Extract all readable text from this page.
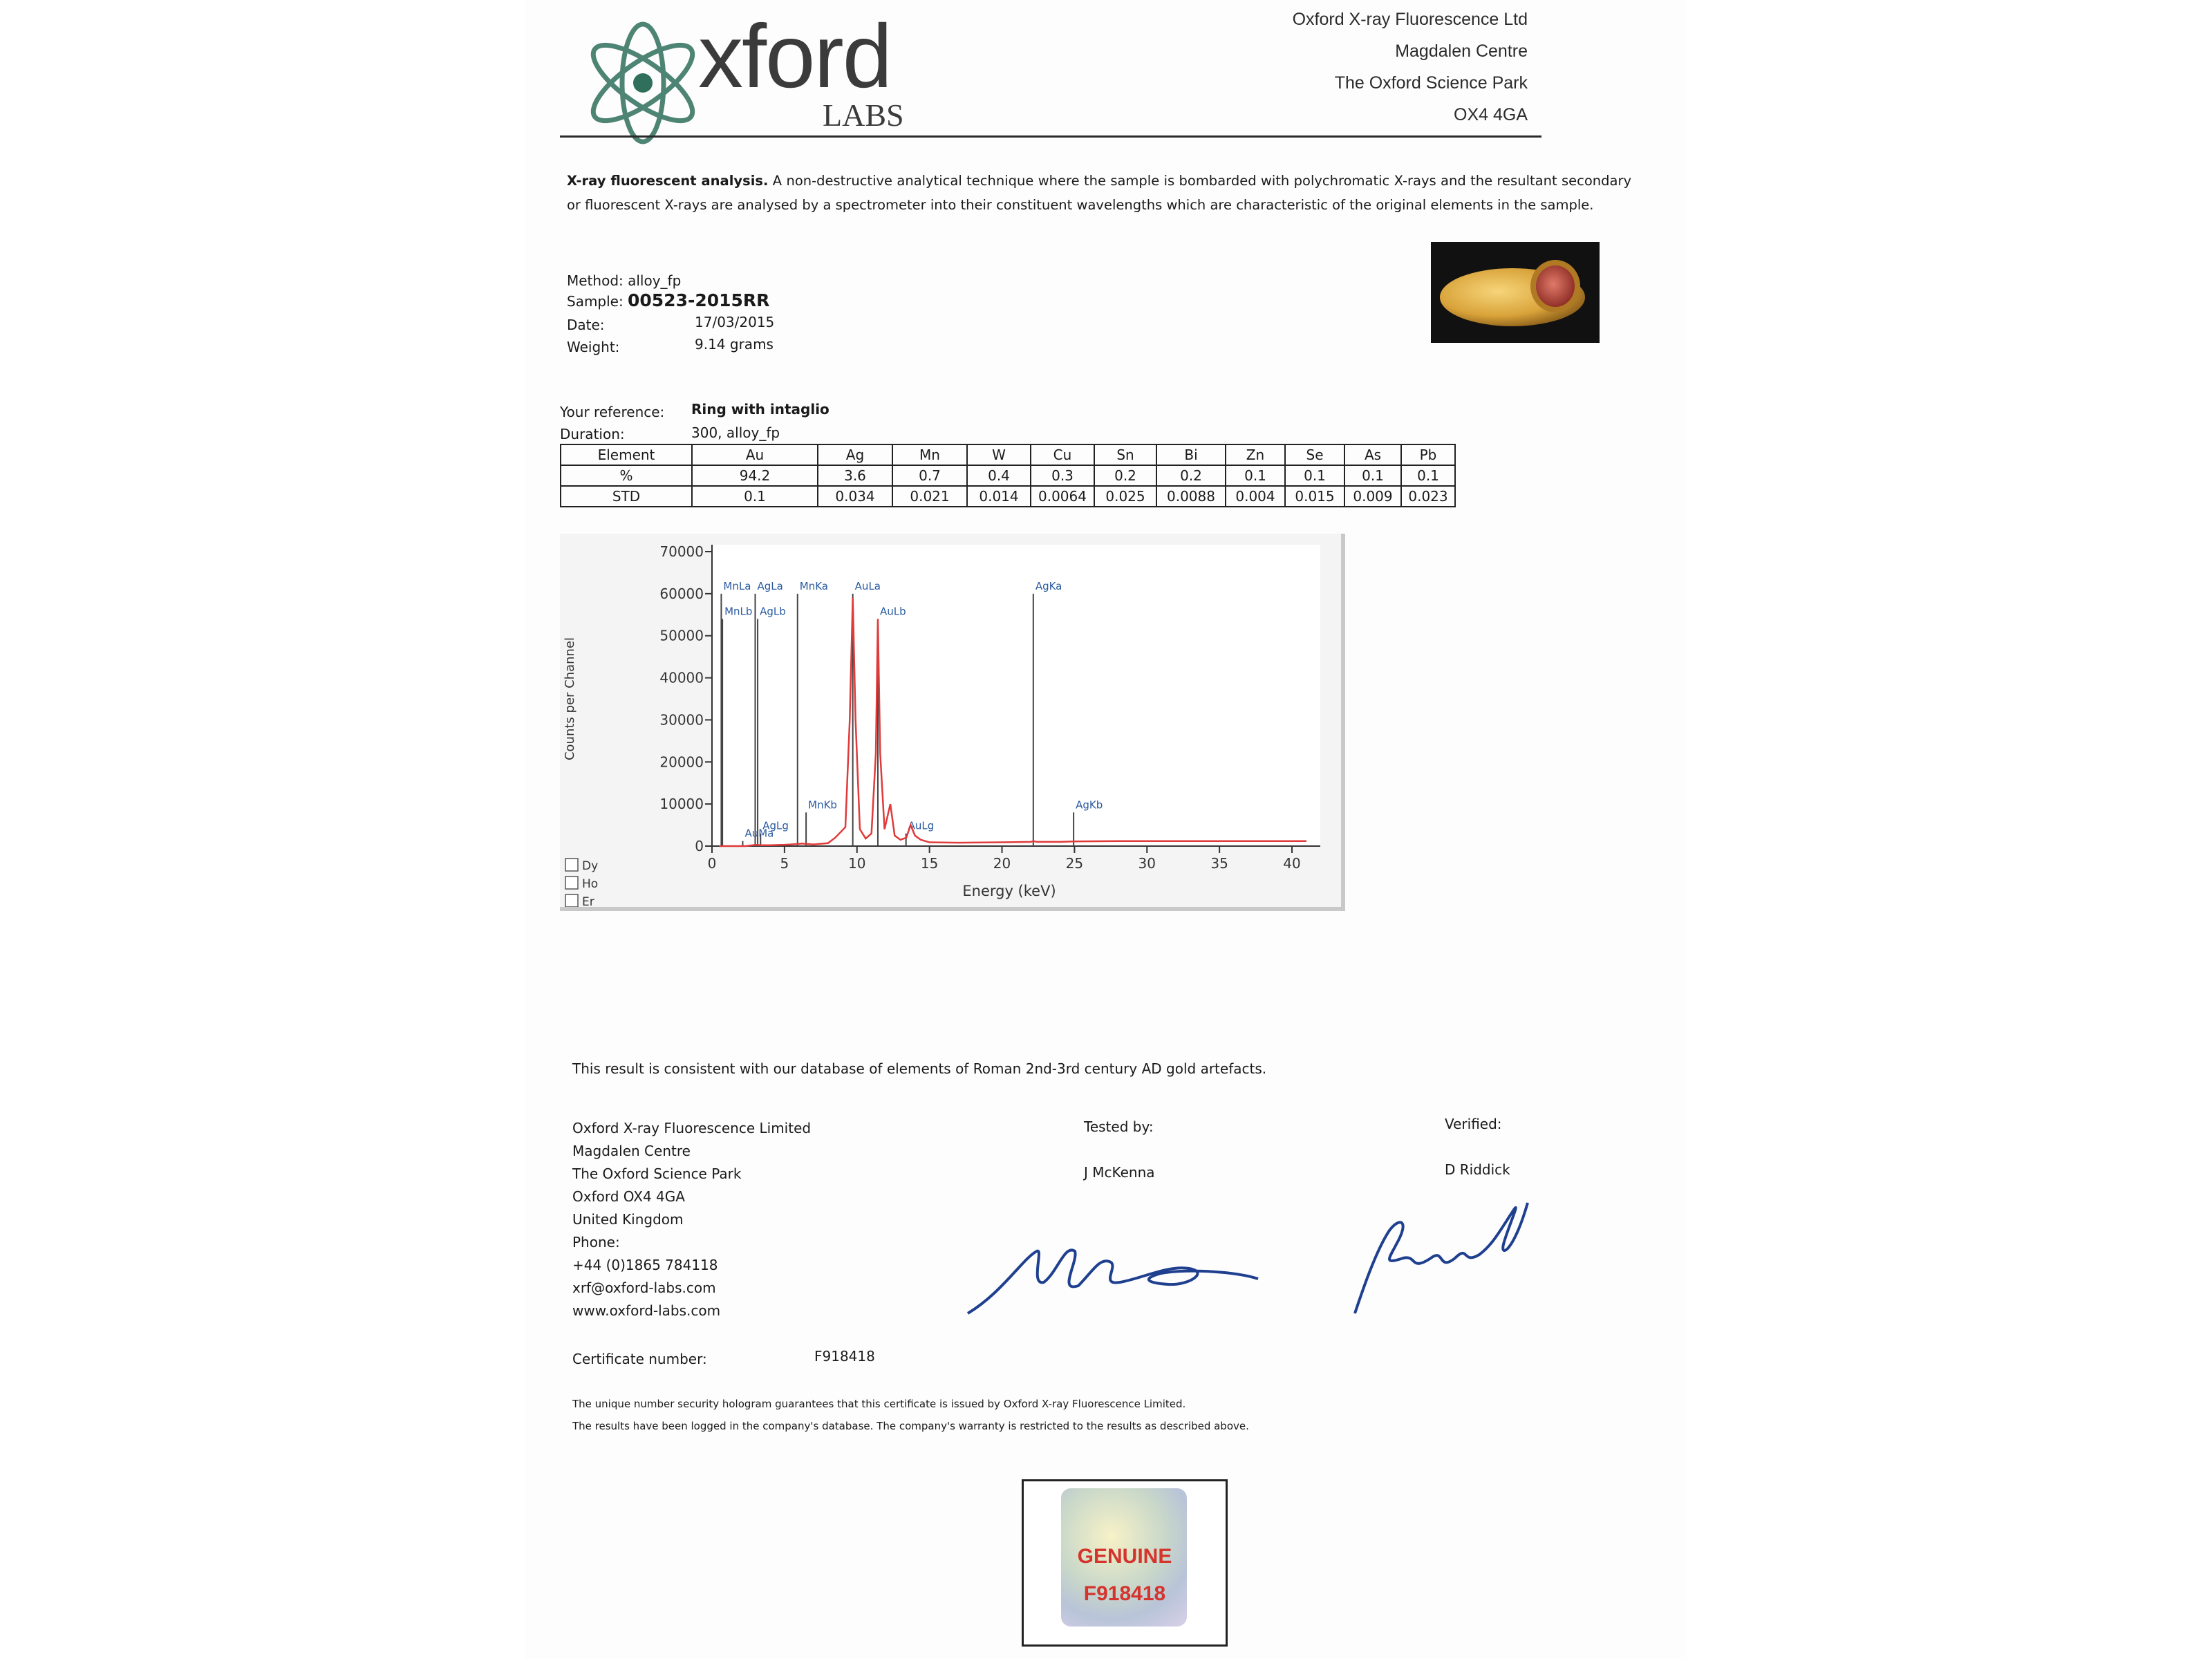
xford
LABS
Oxford X-ray Fluorescence Ltd
Magdalen Centre
The Oxford Science Park
OX4 4GA
X-ray fluorescent analysis. A non-destructive analytical technique where the sample is bombarded with polychromatic X-rays and the resultant secondary or fluorescent X-rays are analysed by a spectrometer into their constituent wavelengths which are characteristic of the original elements in the sample.
Method: alloy_fp
Sample: 00523-2015RR
Date:	17/03/2015
Weight:	9.14 grams
Your reference: Ring with intaglio
Duration:	300, alloy_fp
Element	Au	Ag	Mn	W	Cu	Sn	Bi	Zn	Se	As	Pb
%	94.2	3.6	0.7	0.4	0.3	0.2	0.2	0.1	0.1	0.1	0.1
STD	0.1	0.034	0.021	0.014	0.0064	0.025	0.0088	0.004	0.015	0.009	0.023
0
10000
20000
30000
40000
50000
60000
70000
0	5	10	15	20	25	30	35	40
Energy (keV)
Counts per Channel
MnLa
MnLb
AgLa
AgLb
MnKa
MnKb
AgLg
AuMa
AuLa
AuLb
AuLg
AgKa
AgKb
Dy
Ho
Er
This result is consistent with our database of elements of Roman 2nd-3rd century AD gold artefacts.
Oxford X-ray Fluorescence Limited
Magdalen Centre
The Oxford Science Park
Oxford OX4 4GA
United Kingdom
Phone:
+44 (0)1865 784118
xrf@oxford-labs.com
www.oxford-labs.com
Tested by:
J McKenna
Verified:
D Riddick
Certificate number:	F918418
The unique number security hologram guarantees that this certificate is issued by Oxford X-ray Fluorescence Limited.
The results have been logged in the company's database. The company's warranty is restricted to the results as described above.
GENUINE
F918418
